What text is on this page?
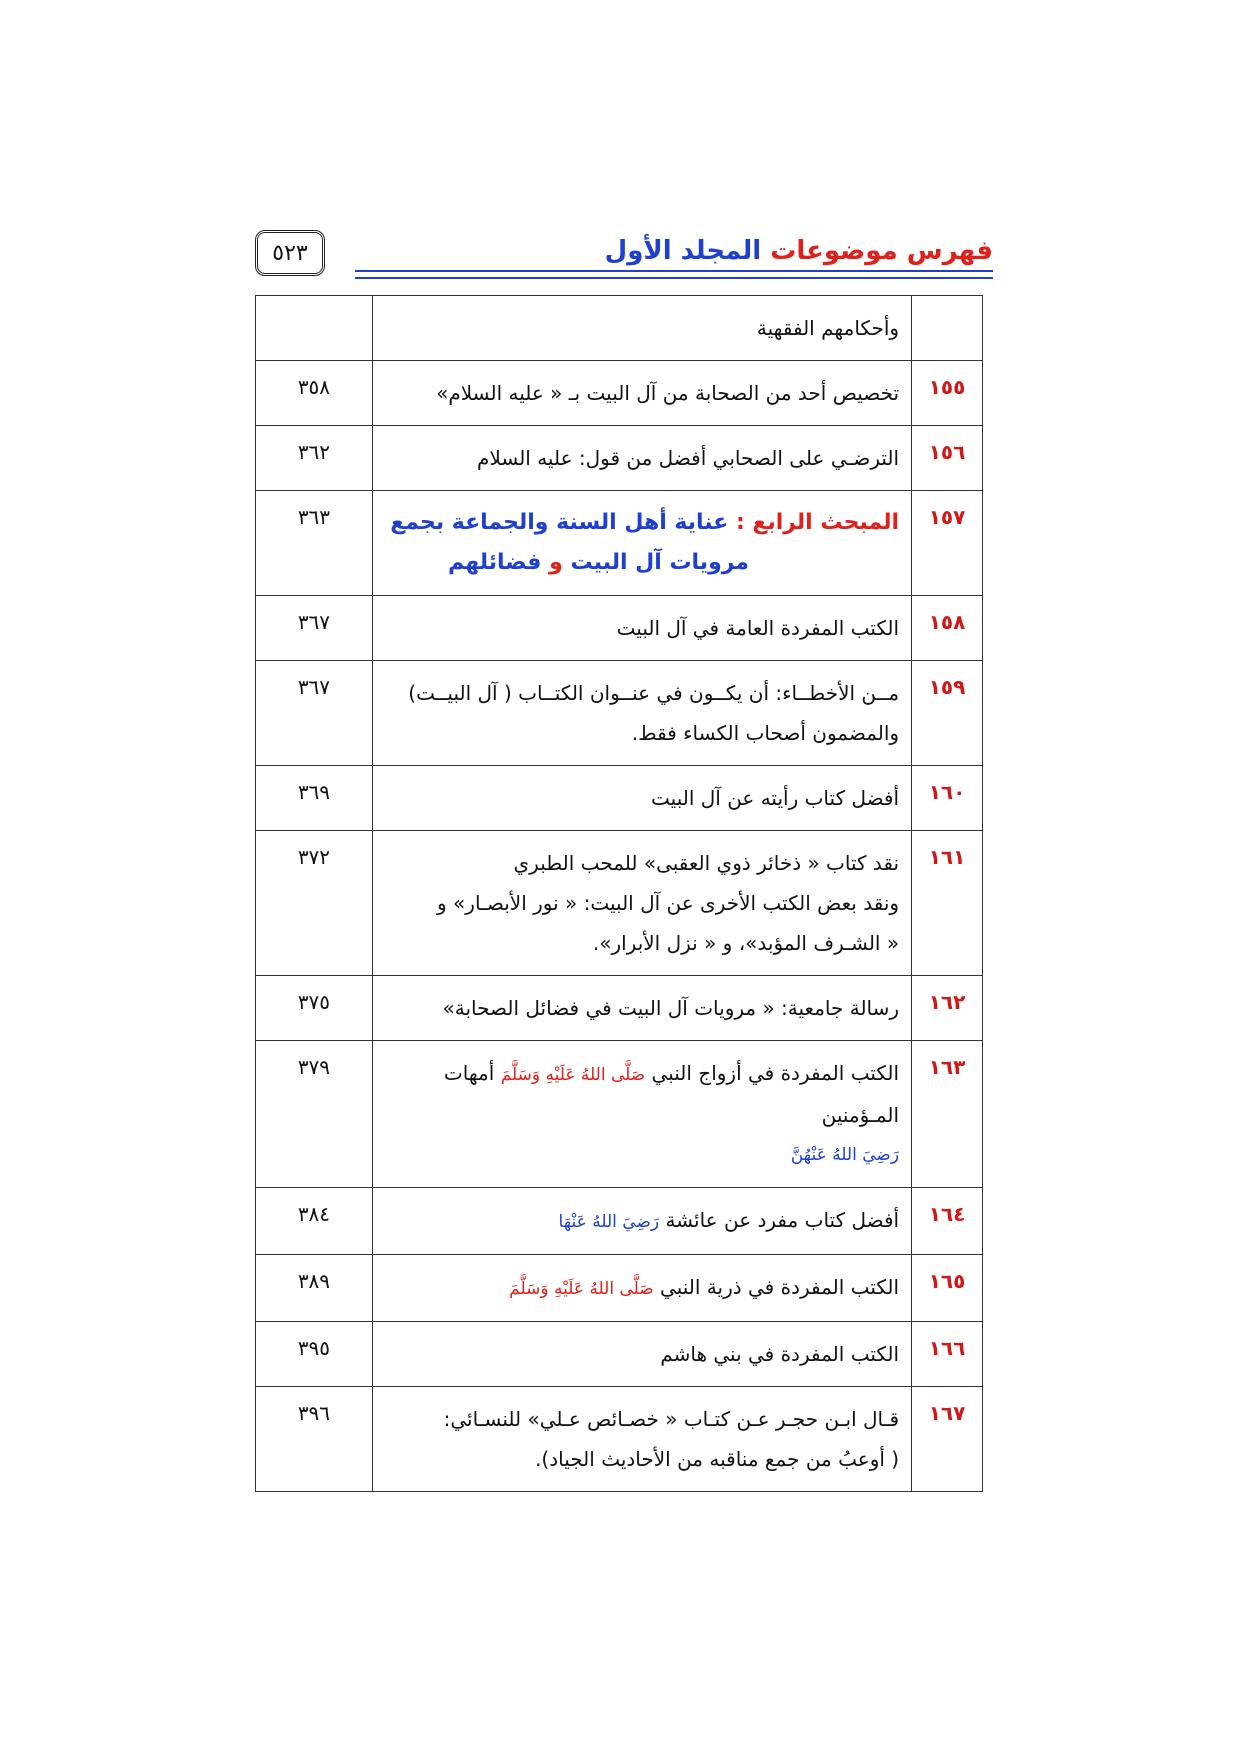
فهرس موضوعات المجلد الأول
٥٢٣

	وأحكامهم الفقهية	

١٥٥	تخصيص أحد من الصحابة من آل البيت بـ « عليه السلام»	٣٥٨
١٥٦	الترضـي على الصحابي أفضل من قول: عليه السلام	٣٦٢
١٥٧	المبحث الرابع : عناية أهل السنة والجماعة بجمع
مرويات آل البيت و فضائلهم	٣٦٣
١٥٨	الكتب المفردة العامة في آل البيت	٣٦٧
١٥٩	مــن الأخطــاء: أن يكــون في عنــوان الكتــاب ( آل البيــت)
والمضمون أصحاب الكساء فقط.	٣٦٧
١٦٠	أفضل كتاب رأيته عن آل البيت	٣٦٩
١٦١	نقد كتاب « ذخائر ذوي العقبى» للمحب الطبري
ونقد بعض الكتب الأخرى عن آل البيت: « نور الأبصـار» و
« الشـرف المؤبد»، و « نزل الأبرار».	٣٧٢
١٦٢	رسالة جامعية: « مرويات آل البيت في فضائل الصحابة»	٣٧٥
١٦٣	الكتب المفردة في أزواج النبي صَلَّى اللهُ عَلَيْهِ وَسَلَّمَ أمهات المـؤمنين
رَضِيَ اللهُ عَنْهُنَّ	٣٧٩
١٦٤	أفضل كتاب مفرد عن عائشة رَضِيَ اللهُ عَنْهَا	٣٨٤
١٦٥	الكتب المفردة في ذرية النبي صَلَّى اللهُ عَلَيْهِ وَسَلَّمَ	٣٨٩
١٦٦	الكتب المفردة في بني هاشم	٣٩٥
١٦٧	قـال ابـن حجـر عـن كتـاب « خصـائص عـلي» للنسـائي:
( أوعبُ من جمع مناقبه من الأحاديث الجياد).	٣٩٦
